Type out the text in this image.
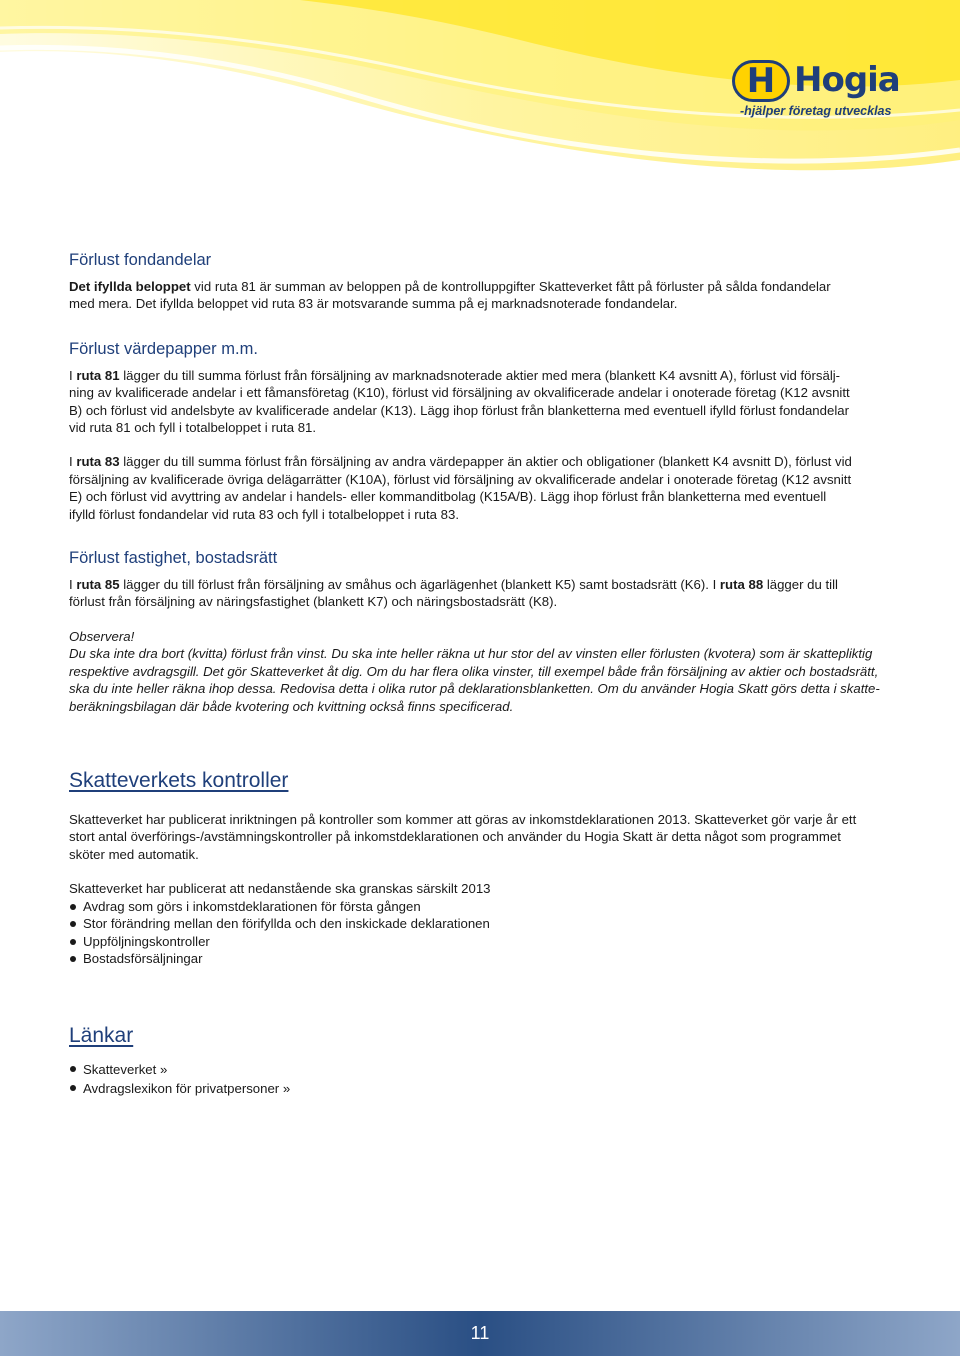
H Hogia
-hjälper företag utvecklas
Förlust fondandelar

Det ifyllda beloppet vid ruta 81 är summan av beloppen på de kontrolluppgifter Skatteverket fått på förluster på sålda fondandelar
med mera. Det ifyllda beloppet vid ruta 83 är motsvarande summa på ej marknadsnoterade fondandelar.

Förlust värdepapper m.m.

I ruta 81 lägger du till summa förlust från försäljning av marknadsnoterade aktier med mera (blankett K4 avsnitt A), förlust vid försälj-
ning av kvalificerade andelar i ett fåmansföretag (K10), förlust vid försäljning av okvalificerade andelar i onoterade företag (K12 avsnitt
B) och förlust vid andelsbyte av kvalificerade andelar (K13). Lägg ihop förlust från blanketterna med eventuell ifylld förlust fondandelar
vid ruta 81 och fyll i totalbeloppet i ruta 81.

I ruta 83 lägger du till summa förlust från försäljning av andra värdepapper än aktier och obligationer (blankett K4 avsnitt D), förlust vid
försäljning av kvalificerade övriga delägarrätter (K10A), förlust vid försäljning av okvalificerade andelar i onoterade företag (K12 avsnitt
E) och förlust vid avyttring av andelar i handels- eller kommanditbolag (K15A/B). Lägg ihop förlust från blanketterna med eventuell
ifylld förlust fondandelar vid ruta 83 och fyll i totalbeloppet i ruta 83.

Förlust fastighet, bostadsrätt

I ruta 85 lägger du till förlust från försäljning av småhus och ägarlägenhet (blankett K5) samt bostadsrätt (K6). I ruta 88 lägger du till
förlust från försäljning av näringsfastighet (blankett K7) och näringsbostadsrätt (K8).

Observera!

Du ska inte dra bort (kvitta) förlust från vinst. Du ska inte heller räkna ut hur stor del av vinsten eller förlusten (kvotera) som är skattepliktig
respektive avdragsgill. Det gör Skatteverket åt dig. Om du har flera olika vinster, till exempel både från försäljning av aktier och bostadsrätt,
ska du inte heller räkna ihop dessa. Redovisa detta i olika rutor på deklarationsblanketten. Om du använder Hogia Skatt görs detta i skatte-
beräkningsbilagan där både kvotering och kvittning också finns specificerad.

Skatteverkets kontroller

Skatteverket har publicerat inriktningen på kontroller som kommer att göras av inkomstdeklarationen 2013. Skatteverket gör varje år ett
stort antal överförings-/avstämningskontroller på inkomstdeklarationen och använder du Hogia Skatt är detta något som programmet
sköter med automatik.

Skatteverket har publicerat att nedanstående ska granskas särskilt 2013

Avdrag som görs i inkomstdeklarationen för första gången
Stor förändring mellan den förifyllda och den inskickade deklarationen
Uppföljningskontroller
Bostadsförsäljningar
Länkar
Skatteverket »
Avdragslexikon för privatpersoner »
11
